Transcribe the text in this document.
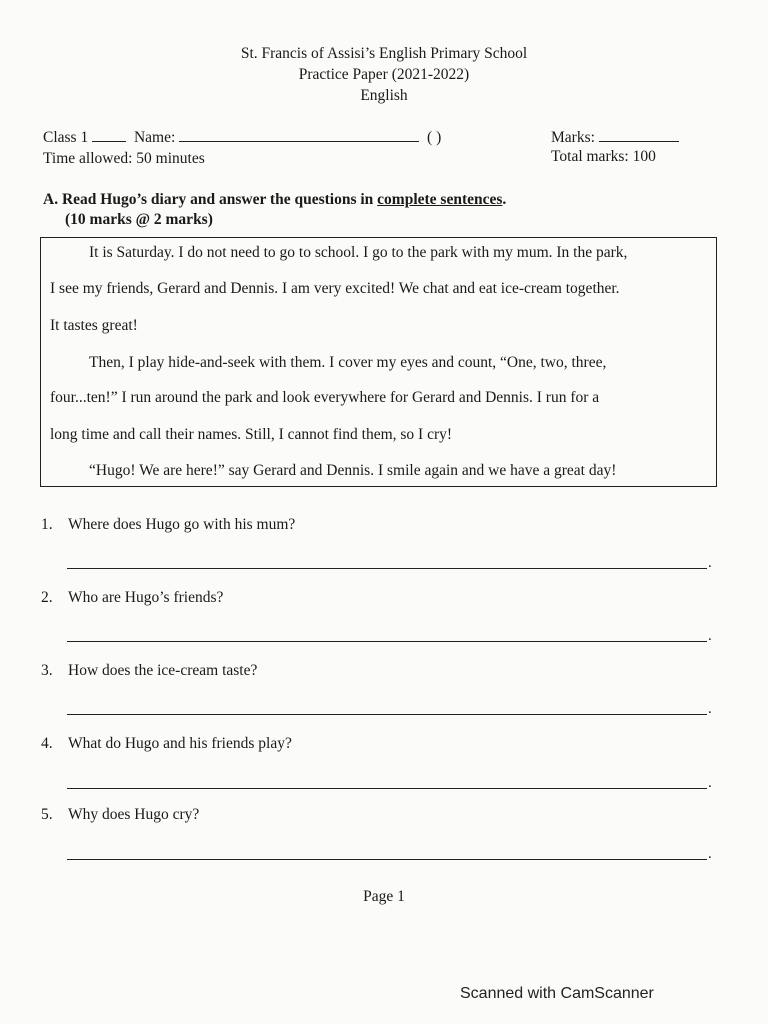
St. Francis of Assisi’s English Primary School
Practice Paper (2021-2022)
English
Class 1	Name:	( )	Marks:
Time allowed: 50 minutes	Total marks: 100
A. Read Hugo’s diary and answer the questions in complete sentences.
(10 marks @ 2 marks)
It is Saturday. I do not need to go to school. I go to the park with my mum. In the park,
I see my friends, Gerard and Dennis. I am very excited! We chat and eat ice-cream together.
It tastes great!
Then, I play hide-and-seek with them. I cover my eyes and count, “One, two, three,
four...ten!” I run around the park and look everywhere for Gerard and Dennis. I run for a
long time and call their names. Still, I cannot find them, so I cry!
“Hugo! We are here!” say Gerard and Dennis. I smile again and we have a great day!
1. Where does Hugo go with his mum?
.
2. Who are Hugo’s friends?
.
3. How does the ice-cream taste?
.
4. What do Hugo and his friends play?
.
5. Why does Hugo cry?
.
Page 1
Scanned with CamScanner
